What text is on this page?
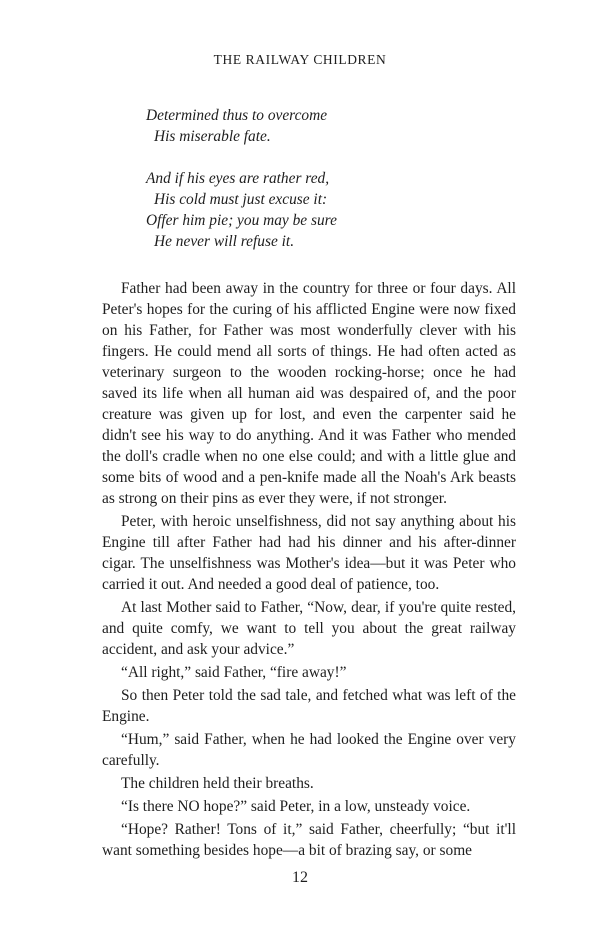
THE RAILWAY CHILDREN
Determined thus to overcome
His miserable fate.
And if his eyes are rather red,
His cold must just excuse it:
Offer him pie; you may be sure
He never will refuse it.

Father had been away in the country for three or four days. All Peter's hopes for the curing of his afflicted Engine were now fixed on his Father, for Father was most wonderfully clever with his fingers. He could mend all sorts of things. He had often acted as veterinary surgeon to the wooden rocking-horse; once he had saved its life when all human aid was despaired of, and the poor creature was given up for lost, and even the carpenter said he didn't see his way to do anything. And it was Father who mended the doll's cradle when no one else could; and with a little glue and some bits of wood and a pen-knife made all the Noah's Ark beasts as strong on their pins as ever they were, if not stronger.

Peter, with heroic unselfishness, did not say anything about his Engine till after Father had had his dinner and his after-dinner cigar. The unselfishness was Mother's idea—but it was Peter who carried it out. And needed a good deal of patience, too.

At last Mother said to Father, “Now, dear, if you're quite rested, and quite comfy, we want to tell you about the great railway accident, and ask your advice.”

“All right,” said Father, “fire away!”

So then Peter told the sad tale, and fetched what was left of the Engine.

“Hum,” said Father, when he had looked the Engine over very carefully.

The children held their breaths.

“Is there NO hope?” said Peter, in a low, unsteady voice.

“Hope? Rather! Tons of it,” said Father, cheerfully; “but it'll want something besides hope—a bit of brazing say, or some

12
